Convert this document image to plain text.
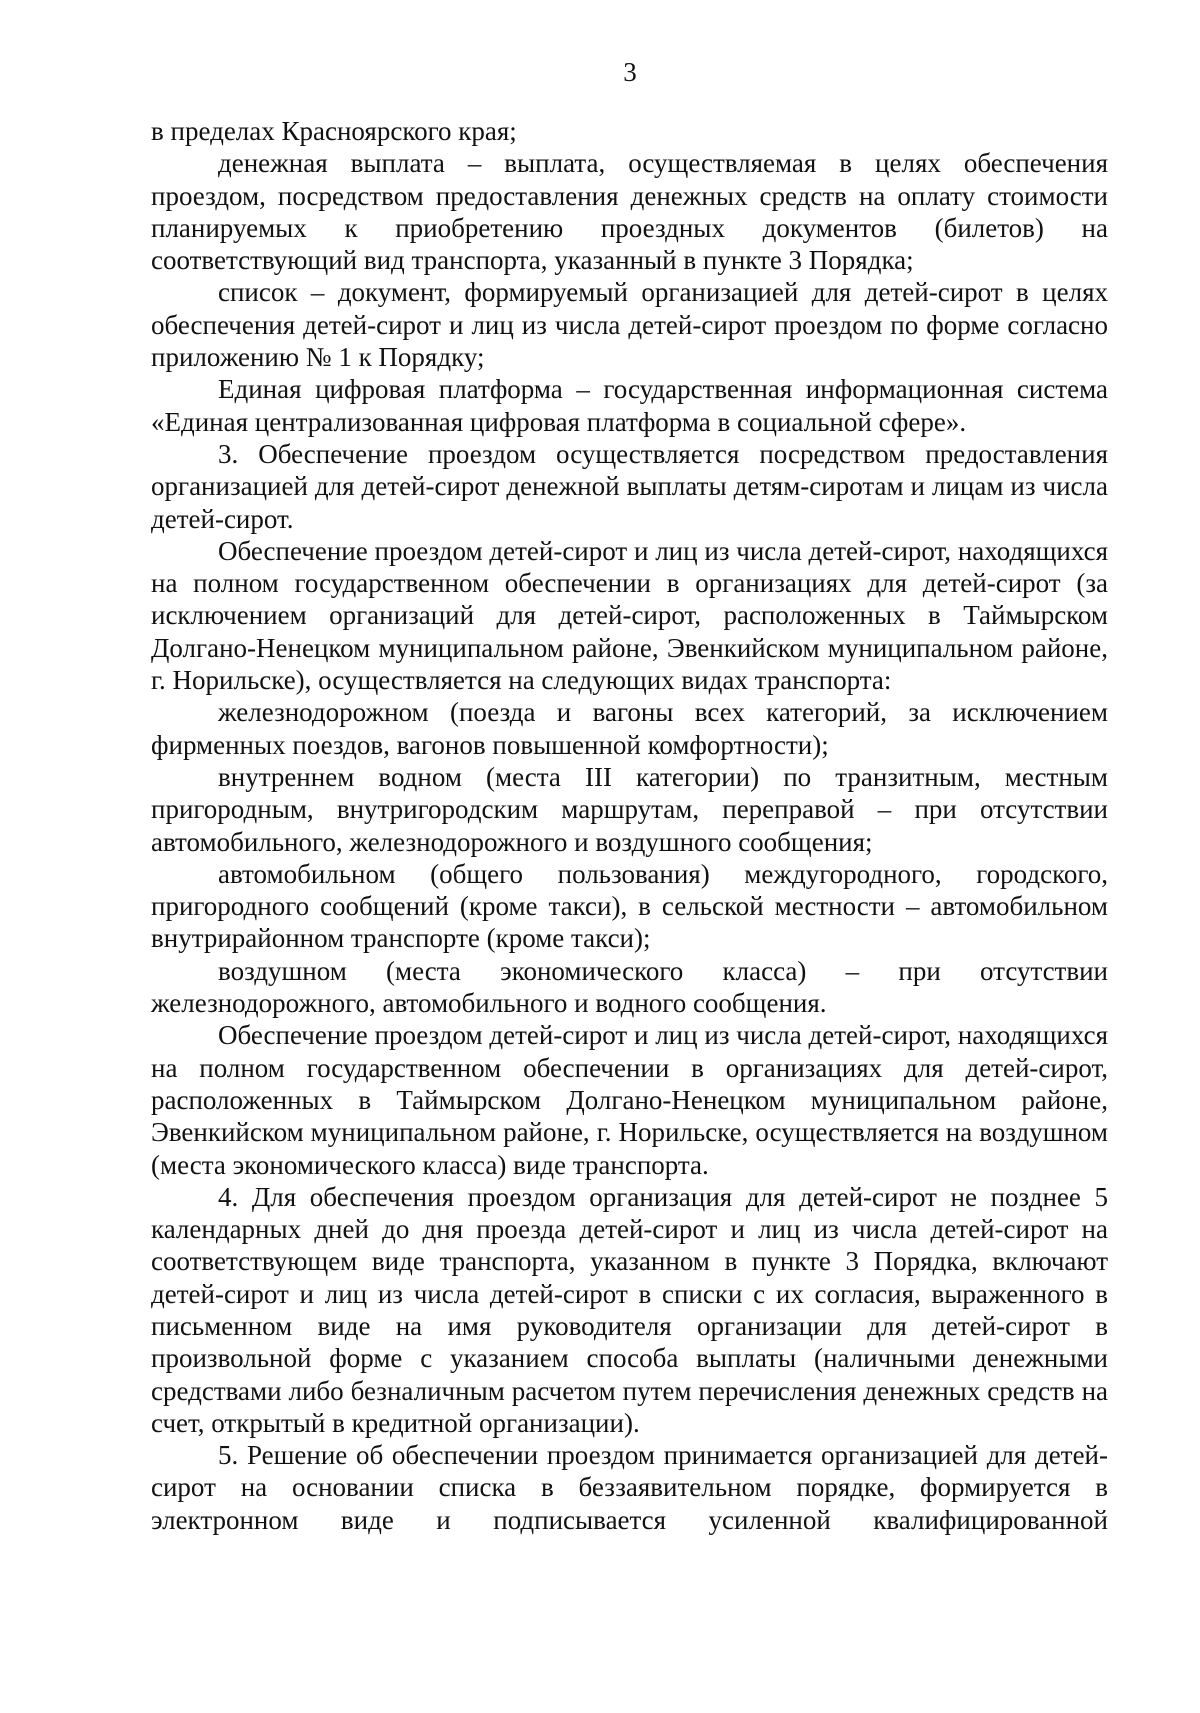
3

в пределах Красноярского края;

денежная выплата – выплата, осуществляемая в целях обеспечения проездом, посредством предоставления денежных средств на оплату стоимости планируемых к приобретению проездных документов (билетов) на соответствующий вид транспорта, указанный в пункте 3 Порядка;

список – документ, формируемый организацией для детей-сирот в целях обеспечения детей-сирот и лиц из числа детей-сирот проездом по форме согласно приложению № 1 к Порядку;

Единая цифровая платформа – государственная информационная система «Единая централизованная цифровая платформа в социальной сфере».

3. Обеспечение проездом осуществляется посредством предоставления организацией для детей-сирот денежной выплаты детям-сиротам и лицам из числа детей-сирот.

Обеспечение проездом детей-сирот и лиц из числа детей-сирот, находящихся на полном государственном обеспечении в организациях для детей-сирот (за исключением организаций для детей-сирот, расположенных в Таймырском Долгано-Ненецком муниципальном районе, Эвенкийском муниципальном районе, г. Норильске), осуществляется на следующих видах транспорта:

железнодорожном (поезда и вагоны всех категорий, за исключением фирменных поездов, вагонов повышенной комфортности);

внутреннем водном (места III категории) по транзитным, местным пригородным, внутригородским маршрутам, переправой – при отсутствии автомобильного, железнодорожного и воздушного сообщения;

автомобильном (общего пользования) междугородного, городского, пригородного сообщений (кроме такси), в сельской местности – автомобильном внутрирайонном транспорте (кроме такси);

воздушном (места экономического класса) – при отсутствии железнодорожного, автомобильного и водного сообщения.

Обеспечение проездом детей-сирот и лиц из числа детей-сирот, находящихся на полном государственном обеспечении в организациях для детей-сирот, расположенных в Таймырском Долгано-Ненецком муниципальном районе, Эвенкийском муниципальном районе, г. Норильске, осуществляется на воздушном (места экономического класса) виде транспорта.

4. Для обеспечения проездом организация для детей-сирот не позднее 5 календарных дней до дня проезда детей-сирот и лиц из числа детей-сирот на соответствующем виде транспорта, указанном в пункте 3 Порядка, включают детей-сирот и лиц из числа детей-сирот в списки с их согласия, выраженного в письменном виде на имя руководителя организации для детей-сирот в произвольной форме с указанием способа выплаты (наличными денежными средствами либо безналичным расчетом путем перечисления денежных средств на счет, открытый в кредитной организации).

5. Решение об обеспечении проездом принимается организацией для детей-сирот на основании списка в беззаявительном порядке, формируется в электронном виде и подписывается усиленной квалифицированной
